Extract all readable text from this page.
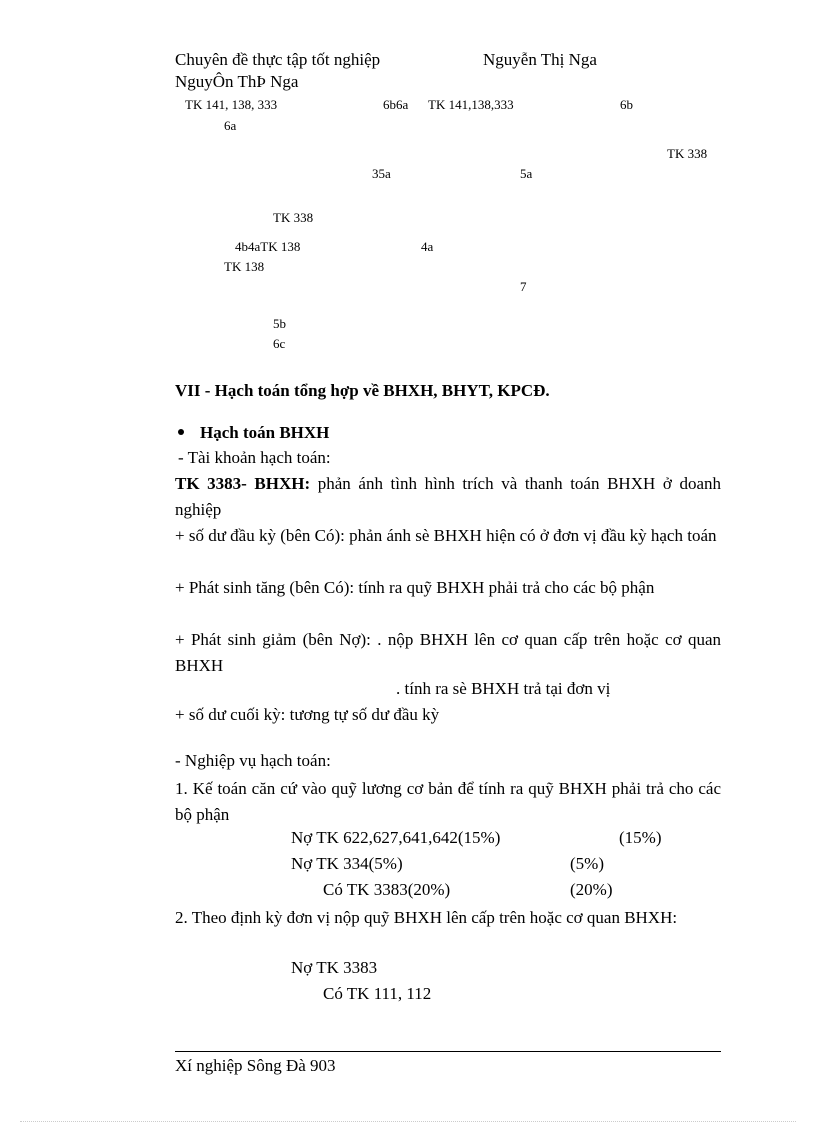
Chuyên đề thực tập tốt nghiệp	Nguyễn Thị Nga
NguyÔn ThÞ Nga
TK 141, 138, 333	6b6a TK 141,138,333	6b
6a
TK 338
35a	5a
TK 338
4b4aTK 138	4a
TK 138
7
5b
6c
VII - Hạch toán tổng hợp về BHXH, BHYT, KPCĐ.
Hạch toán BHXH
- Tài khoản hạch toán:
TK 3383- BHXH: phản ánh tình hình trích và thanh toán BHXH ở doanh nghiệp
+ số dư đầu kỳ (bên Có): phản ánh sè BHXH hiện có ở đơn vị đầu kỳ hạch toán
+ Phát sinh tăng (bên Có): tính ra quỹ BHXH phải trả cho các bộ phận
+ Phát sinh giảm (bên Nợ): . nộp BHXH lên cơ quan cấp trên hoặc cơ quan BHXH
. tính ra sè BHXH trả tại đơn vị
+ số dư cuối kỳ: tương tự số dư đầu kỳ
- Nghiệp vụ hạch toán:
1. Kế toán căn cứ vào quỹ lương cơ bản để tính ra quỹ BHXH phải trả cho các bộ phận
Nợ TK 622,627,641,642(15%)	(15%)
Nợ TK 334(5%)	(5%)
Có TK 3383(20%)	(20%)
2. Theo định kỳ đơn vị nộp quỹ BHXH lên cấp trên hoặc cơ quan BHXH:
Nợ TK 3383
Có TK 111, 112
Xí nghiệp Sông Đà 903
